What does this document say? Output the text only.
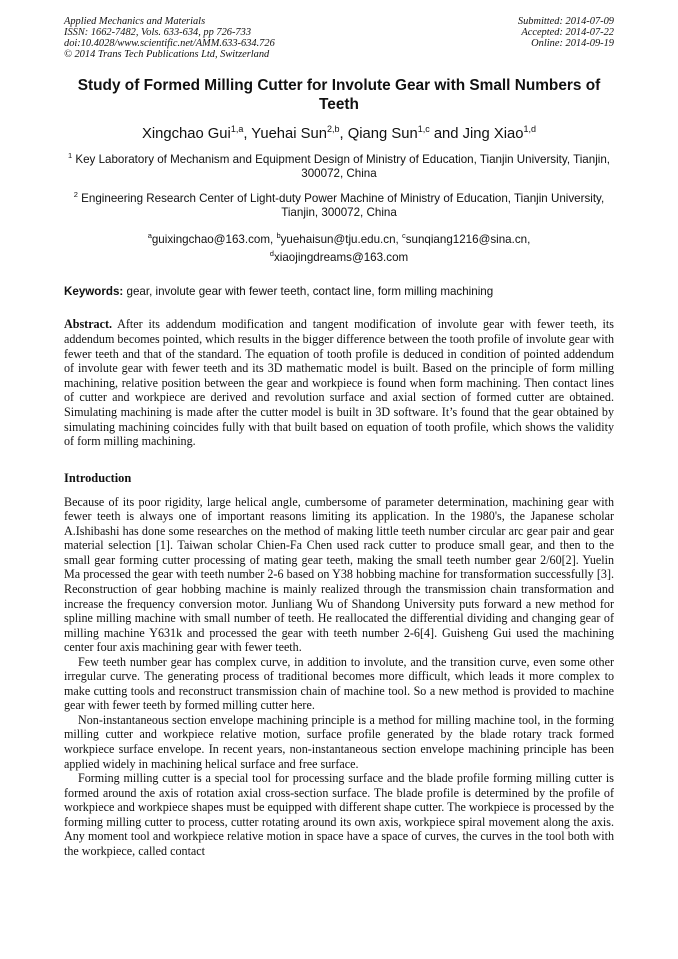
Applied Mechanics and Materials
ISSN: 1662-7482, Vols. 633-634, pp 726-733
doi:10.4028/www.scientific.net/AMM.633-634.726
© 2014 Trans Tech Publications Ltd, Switzerland
Submitted: 2014-07-09
Accepted: 2014-07-22
Online: 2014-09-19
Study of Formed Milling Cutter for Involute Gear with Small Numbers of Teeth
Xingchao Gui$^{1,a}$, Yuehai Sun$^{2,b}$, Qiang Sun$^{1,c}$ and Jing Xiao$^{1,d}$
$^1$ Key Laboratory of Mechanism and Equipment Design of Ministry of Education, Tianjin University, Tianjin, 300072, China
$^2$ Engineering Research Center of Light-duty Power Machine of Ministry of Education, Tianjin University, Tianjin, 300072, China
$^a$guixingchao@163.com, $^b$yuehaisun@tju.edu.cn, $^c$sunqiang1216@sina.cn,
$^d$xiaojingdreams@163.com
Keywords: gear, involute gear with fewer teeth, contact line, form milling machining
Abstract. After its addendum modification and tangent modification of involute gear with fewer teeth, its addendum becomes pointed, which results in the bigger difference between the tooth profile of involute gear with fewer teeth and that of the standard. The equation of tooth profile is deduced in condition of pointed addendum of involute gear with fewer teeth and its 3D mathematic model is built. Based on the principle of form milling machining, relative position between the gear and workpiece is found when form machining. Then contact lines of cutter and workpiece are derived and revolution surface and axial section of formed cutter are obtained. Simulating machining is made after the cutter model is built in 3D software. It’s found that the gear obtained by simulating machining coincides fully with that built based on equation of tooth profile, which shows the validity of form milling machining.
Introduction

Because of its poor rigidity, large helical angle, cumbersome of parameter determination, machining gear with fewer teeth is always one of important reasons limiting its application. In the 1980's, the Japanese scholar A.Ishibashi has done some researches on the method of making little teeth number circular arc gear pair and gear material selection [1]. Taiwan scholar Chien-Fa Chen used rack cutter to produce small gear, and then to the small gear forming cutter processing of mating gear teeth, making the small teeth number gear 2/60[2]. Yuelin Ma processed the gear with teeth number 2-6 based on Y38 hobbing machine for transformation successfully [3]. Reconstruction of gear hobbing machine is mainly realized through the transmission chain transformation and increase the frequency conversion motor. Junliang Wu of Shandong University puts forward a new method for spline milling machine with small number of teeth. He reallocated the differential dividing and changing gear of milling machine Y631k and processed the gear with teeth number 2-6[4]. Guisheng Gui used the machining center four axis machining gear with fewer teeth.

Few teeth number gear has complex curve, in addition to involute, and the transition curve, even some other irregular curve. The generating process of traditional becomes more difficult, which leads it more complex to make cutting tools and reconstruct transmission chain of machine tool. So a new method is provided to machine gear with fewer teeth by formed milling cutter here.

Non-instantaneous section envelope machining principle is a method for milling machine tool, in the forming milling cutter and workpiece relative motion, surface profile generated by the blade rotary track formed workpiece surface envelope. In recent years, non-instantaneous section envelope machining principle has been applied widely in machining helical surface and free surface.

Forming milling cutter is a special tool for processing surface and the blade profile forming milling cutter is formed around the axis of rotation axial cross-section surface. The blade profile is determined by the profile of workpiece and workpiece shapes must be equipped with different shape cutter. The workpiece is processed by the forming milling cutter to process, cutter rotating around its own axis, workpiece spiral movement along the axis. Any moment tool and workpiece relative motion in space have a space of curves, the curves in the tool both with the workpiece, called contact
